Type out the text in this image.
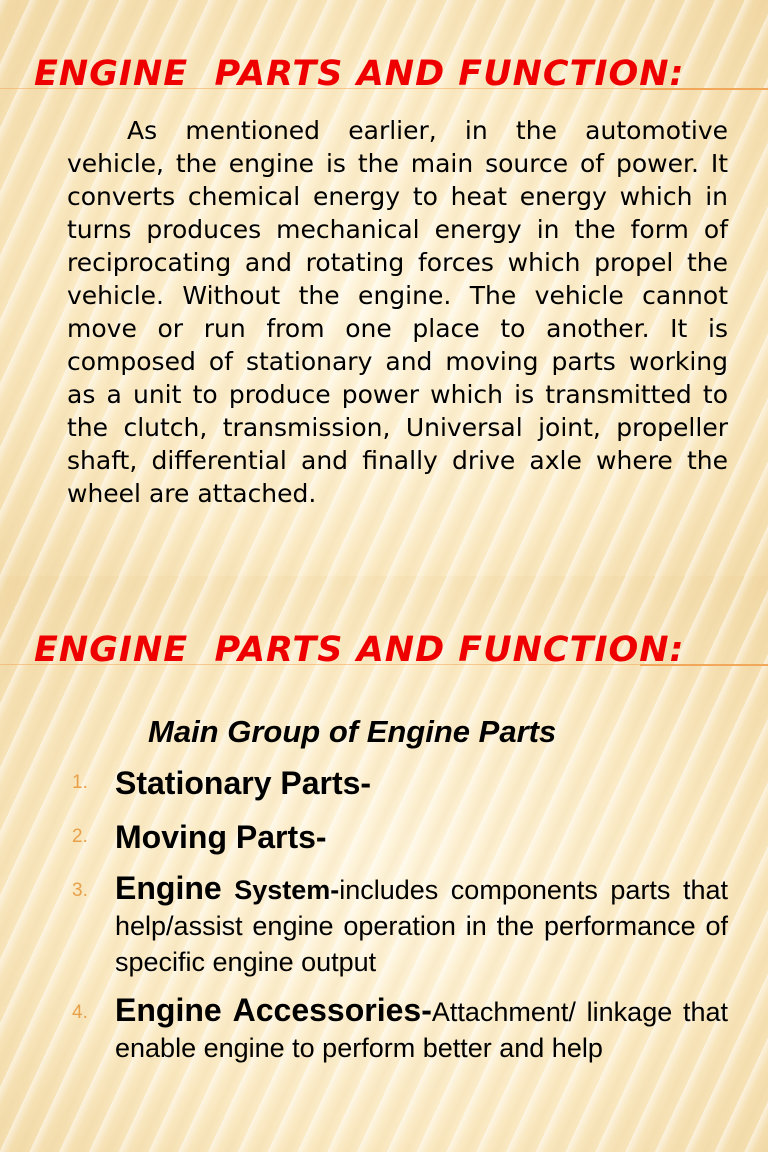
ENGINE  PARTS AND FUNCTION:

As mentioned earlier, in the automotive vehicle, the engine is the main source of power. It converts chemical energy to heat energy which in turns produces mechanical energy in the form of reciprocating and rotating forces which propel the vehicle. Without the engine. The vehicle cannot move or run from one place to another. It is composed of stationary and moving parts working as a unit to produce power which is transmitted to the clutch, transmission, Universal joint, propeller shaft, differential and finally drive axle where the wheel are attached.

ENGINE  PARTS AND FUNCTION:
Main Group of Engine Parts
1. Stationary Parts-
2. Moving Parts-
3. Engine System-includes components parts that help/assist engine operation in the performance of specific engine output
4. Engine Accessories-Attachment/ linkage that enable engine to perform better and help
